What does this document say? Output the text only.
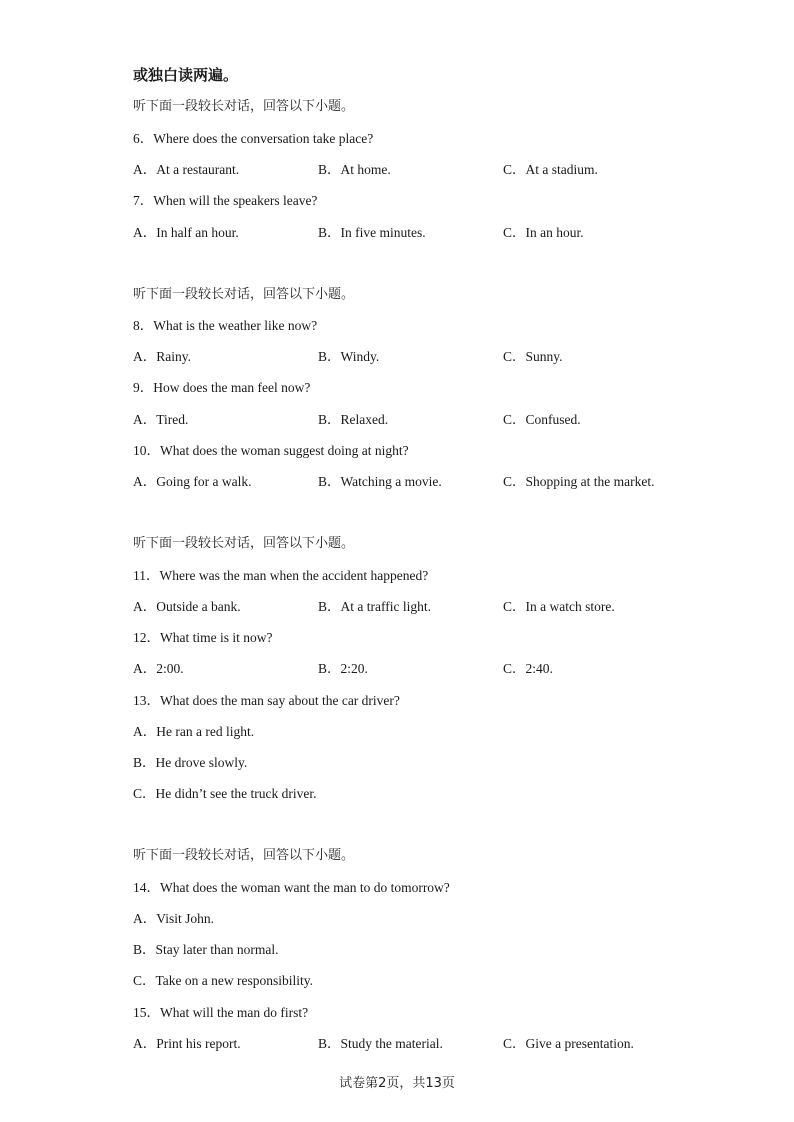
或独白读两遍。
听下面一段较长对话，回答以下小题。
6．Where does the conversation take place?
A．At a restaurant.	B．At home.	C．At a stadium.
7．When will the speakers leave?
A．In half an hour.	B．In five minutes.	C．In an hour.
听下面一段较长对话，回答以下小题。
8．What is the weather like now?
A．Rainy.	B．Windy.	C．Sunny.
9．How does the man feel now?
A．Tired.	B．Relaxed.	C．Confused.
10．What does the woman suggest doing at night?
A．Going for a walk.	B．Watching a movie.	C．Shopping at the market.
听下面一段较长对话，回答以下小题。
11．Where was the man when the accident happened?
A．Outside a bank.	B．At a traffic light.	C．In a watch store.
12．What time is it now?
A．2:00.	B．2:20.	C．2:40.
13．What does the man say about the car driver?
A．He ran a red light.
B．He drove slowly.
C．He didn’t see the truck driver.
听下面一段较长对话，回答以下小题。
14．What does the woman want the man to do tomorrow?
A．Visit John.
B．Stay later than normal.
C．Take on a new responsibility.
15．What will the man do first?
A．Print his report.	B．Study the material.	C．Give a presentation.
试卷第2页，共13页
